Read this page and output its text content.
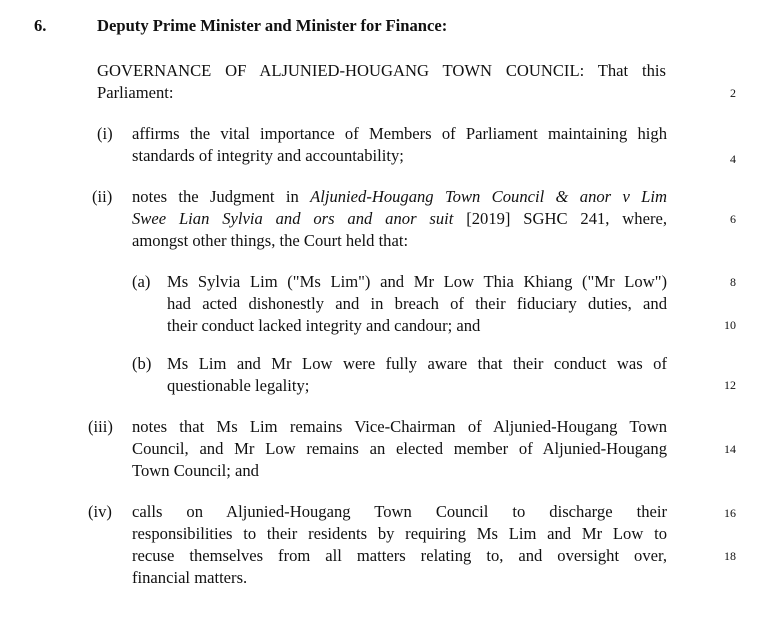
6.	Deputy Prime Minister and Minister for Finance:
GOVERNANCE OF ALJUNIED-HOUGANG TOWN COUNCIL: That this
Parliament:
(i) affirms the vital importance of Members of Parliament maintaining high
standards of integrity and accountability;
(ii) notes the Judgment in Aljunied-Hougang Town Council & anor v Lim
Swee Lian Sylvia and ors and anor suit [2019] SGHC 241, where,
amongst other things, the Court held that:
(a) Ms Sylvia Lim ("Ms Lim") and Mr Low Thia Khiang ("Mr Low")
had acted dishonestly and in breach of their fiduciary duties, and
their conduct lacked integrity and candour; and
(b) Ms Lim and Mr Low were fully aware that their conduct was of
questionable legality;
(iii) notes that Ms Lim remains Vice-Chairman of Aljunied-Hougang Town
Council, and Mr Low remains an elected member of Aljunied-Hougang
Town Council; and
(iv) calls on Aljunied-Hougang Town Council to discharge their
responsibilities to their residents by requiring Ms Lim and Mr Low to
recuse themselves from all matters relating to, and oversight over,
financial matters.
2
4
6
8
10
12
14
16
18
